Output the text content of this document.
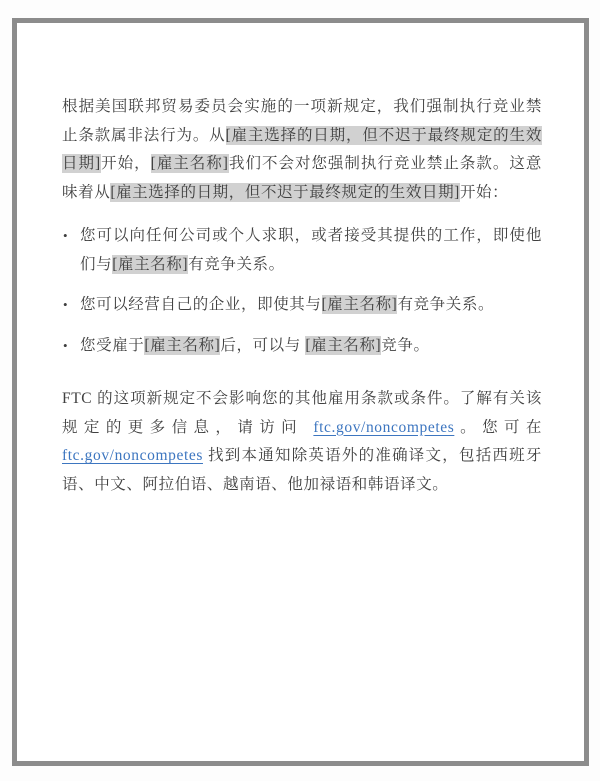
根据美国联邦贸易委员会实施的一项新规定，我们强制执行竞业禁止条款属非法行为。从[雇主选择的日期，但不迟于最终规定的生效日期]开始，[雇主名称]我们不会对您强制执行竞业禁止条款。这意味着从[雇主选择的日期，但不迟于最终规定的生效日期]开始：

• 您可以向任何公司或个人求职，或者接受其提供的工作，即使他们与[雇主名称]有竞争关系。
• 您可以经营自己的企业，即使其与[雇主名称]有竞争关系。
• 您受雇于[雇主名称]后，可以与 [雇主名称]竞争。

FTC 的这项新规定不会影响您的其他雇用条款或条件。了解有关该规定的更多信息，请访问 ftc.gov/noncompetes。您可在 ftc.gov/noncompetes 找到本通知除英语外的准确译文，包括西班牙语、中文、阿拉伯语、越南语、他加禄语和韩语译文。
